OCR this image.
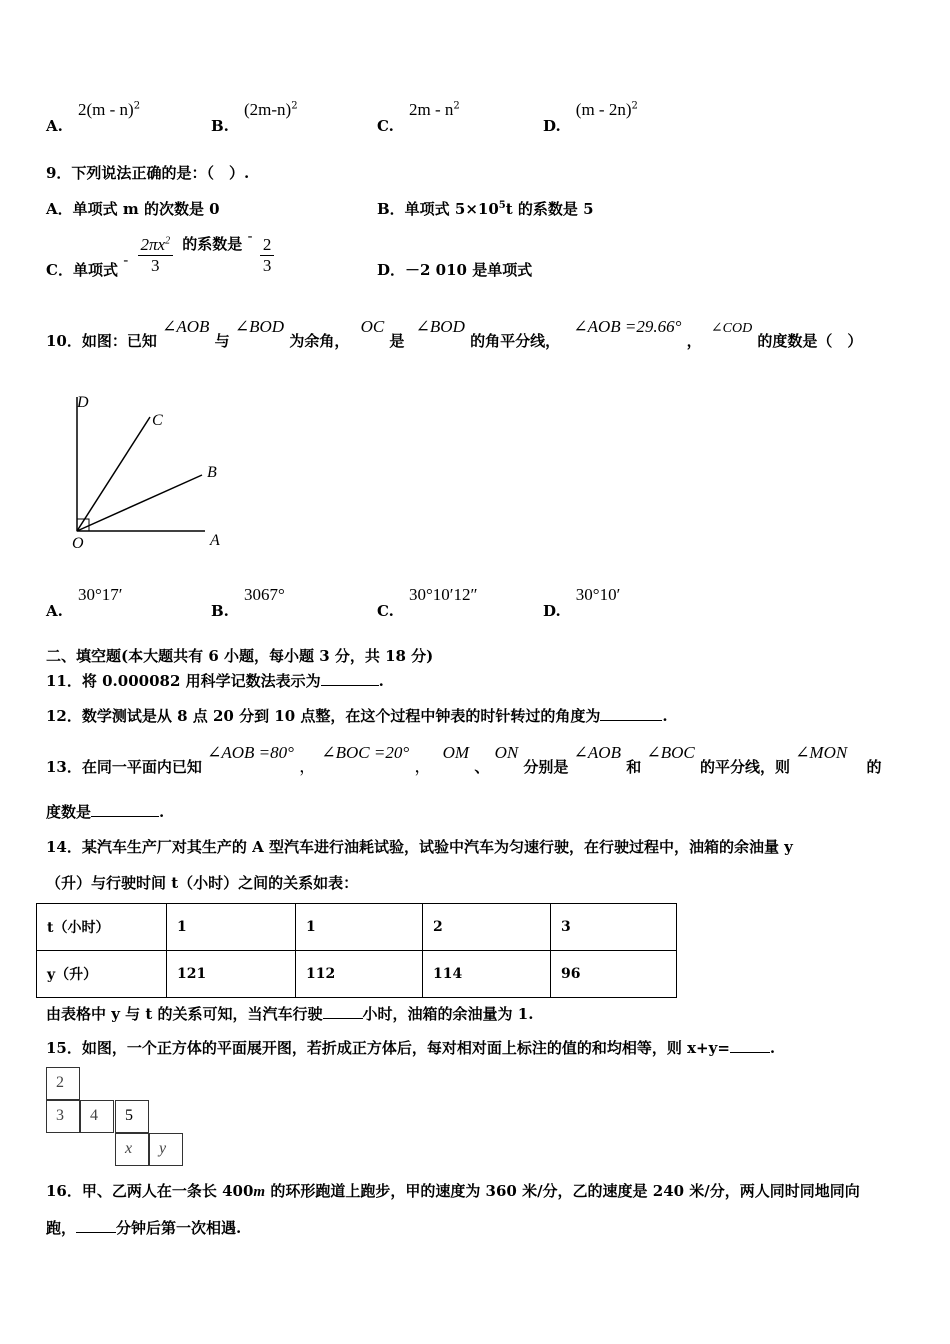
A. 2(m - n)$^2$
B. $(2m-n)^2$
C. $2m - n^2$
D. (m - 2n)$^2$
9．下列说法正确的是：（　）.
A．单项式 m 的次数是 0	B．单项式 $5\times 10^5t$ 的系数是 5
C．单项式 - $\frac{2\pi x^2}{3}$ 的系数是 - $\frac{2}{3}$	D．－2 010 是单项式
10．如图：已知 ∠AOB 与 ∠BOD 为余角， OC 是 ∠BOD 的角平分线， ∠AOB =29.66° ， ∠COD 的度数是（　）
D
C
B
O	A
A. 30°17′
B. 3067°
C. 30°10′12″
D. 30°10′
二、填空题(本大题共有 6 小题，每小题 3 分，共 18 分)
11．将 0.000082 用科学记数法表示为	.
12．数学测试是从 8 点 20 分到 10 点整，在这个过程中钟表的时针转过的角度为	.
13．在同一平面内已知 ∠AOB =80° ， ∠BOC =20° ， OM 、 ON 分别是 ∠AOB 和 ∠BOC 的平分线，则 ∠MON 的
度数是	.
14．某汽车生产厂对其生产的 A 型汽车进行油耗试验，试验中汽车为匀速行驶，在行驶过程中，油箱的余油量 y
（升）与行驶时间 t（小时）之间的关系如表：
t（小时）	1	1	2	3
y（升）	121	112	114	96
由表格中 y 与 t 的关系可知，当汽车行驶	小时，油箱的余油量为 1.
15．如图，一个正方体的平面展开图，若折成正方体后，每对相对面上标注的值的和均相等，则 x+y=	.
2
3 4 5
x y
16．甲、乙两人在一条长 400m 的环形跑道上跑步，甲的速度为 360 米/分，乙的速度是 240 米/分，两人同时同地同向
跑，	分钟后第一次相遇.
